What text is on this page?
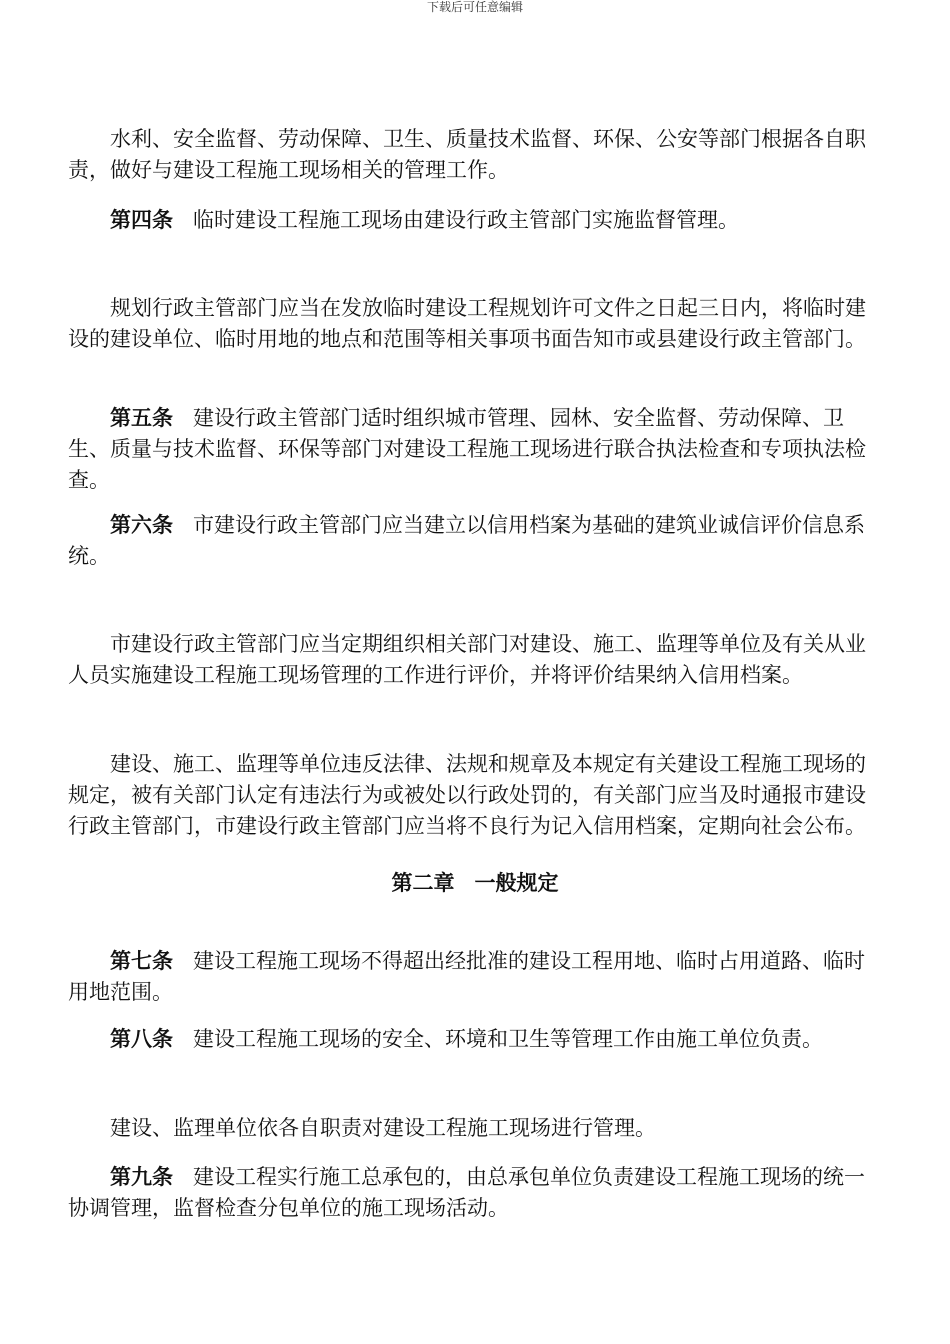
下载后可任意编辑

水利、安全监督、劳动保障、卫生、质量技术监督、环保、公安等部门根据各自职责，做好与建设工程施工现场相关的管理工作。

第四条 临时建设工程施工现场由建设行政主管部门实施监督管理。

规划行政主管部门应当在发放临时建设工程规划许可文件之日起三日内，将临时建设的建设单位、临时用地的地点和范围等相关事项书面告知市或县建设行政主管部门。

第五条 建设行政主管部门适时组织城市管理、园林、安全监督、劳动保障、卫生、质量与技术监督、环保等部门对建设工程施工现场进行联合执法检查和专项执法检查。

第六条 市建设行政主管部门应当建立以信用档案为基础的建筑业诚信评价信息系统。

市建设行政主管部门应当定期组织相关部门对建设、施工、监理等单位及有关从业人员实施建设工程施工现场管理的工作进行评价，并将评价结果纳入信用档案。

建设、施工、监理等单位违反法律、法规和规章及本规定有关建设工程施工现场的规定，被有关部门认定有违法行为或被处以行政处罚的，有关部门应当及时通报市建设行政主管部门，市建设行政主管部门应当将不良行为记入信用档案，定期向社会公布。

第二章 一般规定

第七条 建设工程施工现场不得超出经批准的建设工程用地、临时占用道路、临时用地范围。

第八条 建设工程施工现场的安全、环境和卫生等管理工作由施工单位负责。

建设、监理单位依各自职责对建设工程施工现场进行管理。

第九条 建设工程实行施工总承包的，由总承包单位负责建设工程施工现场的统一协调管理，监督检查分包单位的施工现场活动。
